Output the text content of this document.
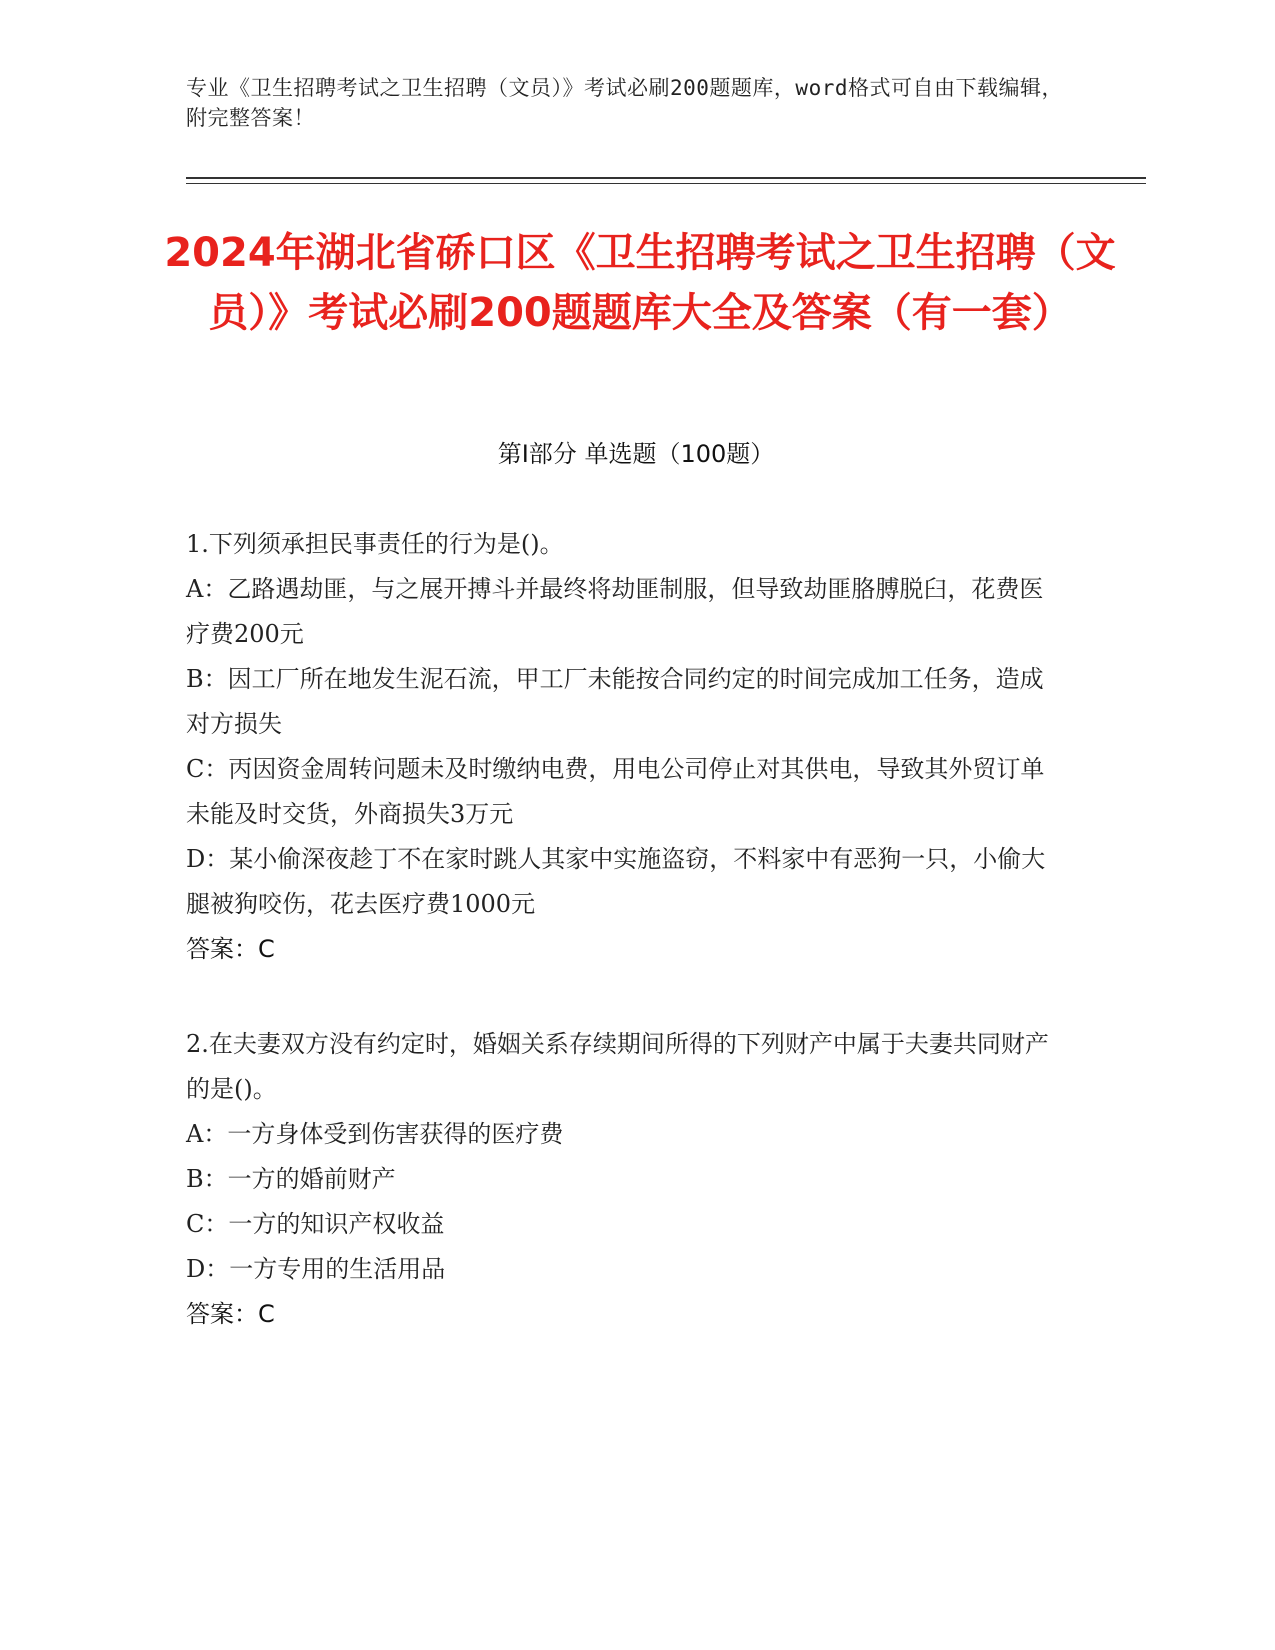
专业《卫生招聘考试之卫生招聘（文员）》考试必刷200题题库，word格式可自由下载编辑，附完整答案！
2024年湖北省硚口区《卫生招聘考试之卫生招聘（文员）》考试必刷200题题库大全及答案（有一套）
第Ⅰ部分 单选题（100题）
1.下列须承担民事责任的行为是()。
A：乙路遇劫匪，与之展开搏斗并最终将劫匪制服，但导致劫匪胳膊脱臼，花费医疗费200元
B：因工厂所在地发生泥石流，甲工厂未能按合同约定的时间完成加工任务，造成对方损失
C：丙因资金周转问题未及时缴纳电费，用电公司停止对其供电，导致其外贸订单未能及时交货，外商损失3万元
D：某小偷深夜趁丁不在家时跳人其家中实施盗窃，不料家中有恶狗一只，小偷大腿被狗咬伤，花去医疗费1000元
答案：C
2.在夫妻双方没有约定时，婚姻关系存续期间所得的下列财产中属于夫妻共同财产的是()。
A：一方身体受到伤害获得的医疗费
B：一方的婚前财产
C：一方的知识产权收益
D：一方专用的生活用品
答案：C
